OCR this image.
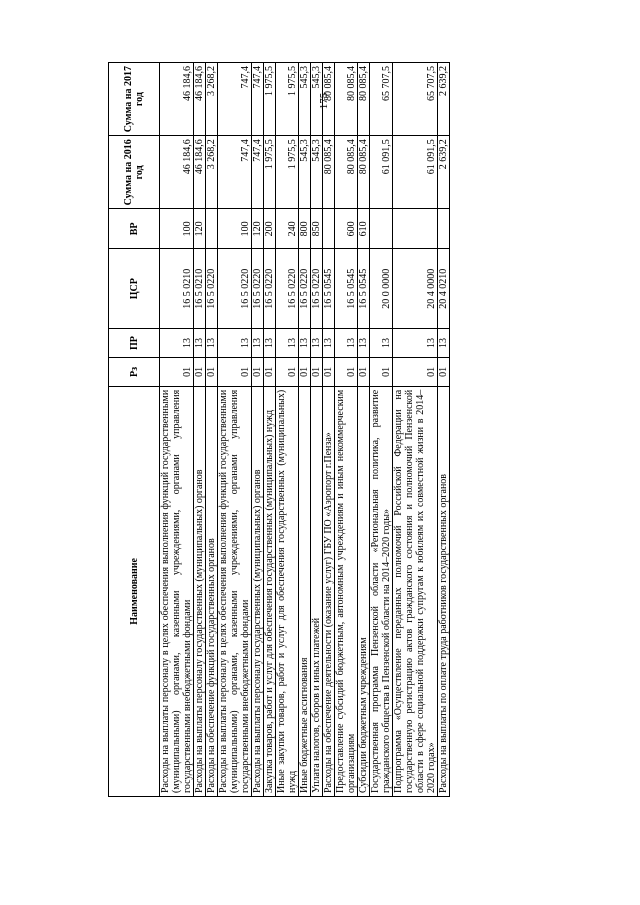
175
Наименование	Рз	ПР	ЦСР	ВР	Сумма на 2016 год	Сумма на 2017 год
Расходы на выплаты персоналу в целях обеспечения выполнения функций государственными (муниципальными) органами, казенными учреждениями, органами управления государственными внебюджетными фондами	01	13	16 5 0210	100	46 184,6	46 184,6
Расходы на выплаты персоналу государственных (муниципальных) органов	01	13	16 5 0210	120	46 184,6	46 184,6
Расходы на обеспечение функций государственных органов	01	13	16 5 0220		3 268,2	3 268,2
Расходы на выплаты персоналу в целях обеспечения выполнения функций государственными (муниципальными) органами, казенными учреждениями, органами управления государственными внебюджетными фондами	01	13	16 5 0220	100	747,4	747,4
Расходы на выплаты персоналу государственных (муниципальных) органов	01	13	16 5 0220	120	747,4	747,4
Закупка товаров, работ и услуг для обеспечения государственных (муниципальных) нужд	01	13	16 5 0220	200	1 975,5	1 975,5
Иные закупки товаров, работ и услуг для обеспечения государственных (муниципальных) нужд	01	13	16 5 0220	240	1 975,5	1 975,5
Иные бюджетные ассигнования	01	13	16 5 0220	800	545,3	545,3
Уплата налогов, сборов и иных платежей	01	13	16 5 0220	850	545,3	545,3
Расходы на обеспечение деятельности (оказание услуг) ГБУ ПО «Аэропорт г.Пенза»	01	13	16 5 0545		80 085,4	80 085,4
Предоставление субсидий бюджетным, автономным учреждениям и иным некоммерческим организациям	01	13	16 5 0545	600	80 085,4	80 085,4
Субсидии бюджетным учреждениям	01	13	16 5 0545	610	80 085,4	80 085,4
Государственная программа Пензенской области «Региональная политика, развитие гражданского общества в Пензенской области на 2014–2020 годы»	01	13	20 0 0000		61 091,5	65 707,5
Подпрограмма «Осуществление переданных полномочий Российской Федерации на государственную регистрацию актов гражданского состояния и полномочий Пензенской области в сфере социальной поддержки супругам к юбилеям их совместной жизни в 2014–2020 годах»	01	13	20 4 0000		61 091,5	65 707,5
Расходы на выплаты по оплате труда работников государственных органов	01	13	20 4 0210		2 639,2	2 639,2
